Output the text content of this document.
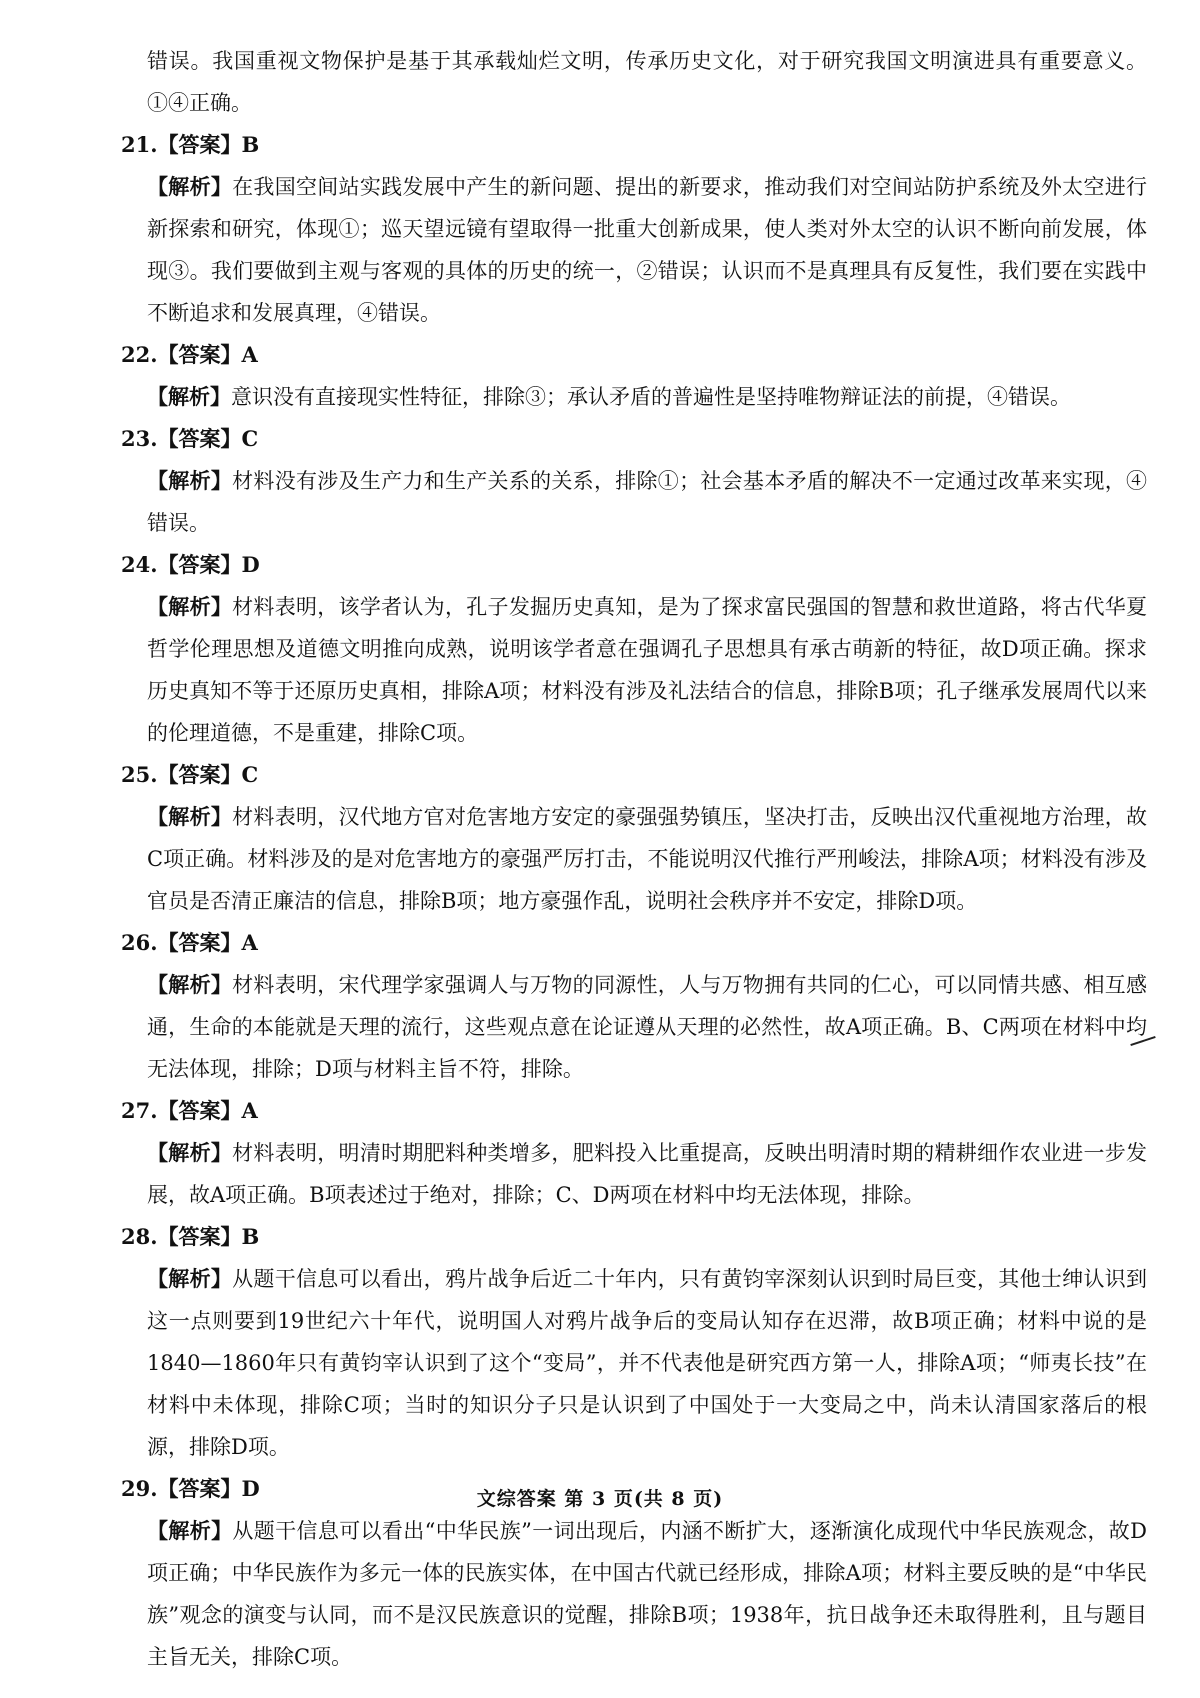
错误。我国重视文物保护是基于其承载灿烂文明，传承历史文化，对于研究我国文明演进具有重要意义。①④正确。

21.【答案】B

【解析】在我国空间站实践发展中产生的新问题、提出的新要求，推动我们对空间站防护系统及外太空进行新探索和研究，体现①；巡天望远镜有望取得一批重大创新成果，使人类对外太空的认识不断向前发展，体现③。我们要做到主观与客观的具体的历史的统一，②错误；认识而不是真理具有反复性，我们要在实践中不断追求和发展真理，④错误。

22.【答案】A

【解析】意识没有直接现实性特征，排除③；承认矛盾的普遍性是坚持唯物辩证法的前提，④错误。

23.【答案】C

【解析】材料没有涉及生产力和生产关系的关系，排除①；社会基本矛盾的解决不一定通过改革来实现，④错误。

24.【答案】D

【解析】材料表明，该学者认为，孔子发掘历史真知，是为了探求富民强国的智慧和救世道路，将古代华夏哲学伦理思想及道德文明推向成熟，说明该学者意在强调孔子思想具有承古萌新的特征，故D项正确。探求历史真知不等于还原历史真相，排除A项；材料没有涉及礼法结合的信息，排除B项；孔子继承发展周代以来的伦理道德，不是重建，排除C项。

25.【答案】C

【解析】材料表明，汉代地方官对危害地方安定的豪强强势镇压，坚决打击，反映出汉代重视地方治理，故C项正确。材料涉及的是对危害地方的豪强严厉打击，不能说明汉代推行严刑峻法，排除A项；材料没有涉及官员是否清正廉洁的信息，排除B项；地方豪强作乱，说明社会秩序并不安定，排除D项。

26.【答案】A

【解析】材料表明，宋代理学家强调人与万物的同源性，人与万物拥有共同的仁心，可以同情共感、相互感通，生命的本能就是天理的流行，这些观点意在论证遵从天理的必然性，故A项正确。B、C两项在材料中均无法体现，排除；D项与材料主旨不符，排除。

27.【答案】A

【解析】材料表明，明清时期肥料种类增多，肥料投入比重提高，反映出明清时期的精耕细作农业进一步发展，故A项正确。B项表述过于绝对，排除；C、D两项在材料中均无法体现，排除。

28.【答案】B

【解析】从题干信息可以看出，鸦片战争后近二十年内，只有黄钧宰深刻认识到时局巨变，其他士绅认识到这一点则要到19世纪六十年代，说明国人对鸦片战争后的变局认知存在迟滞，故B项正确；材料中说的是1840—1860年只有黄钧宰认识到了这个“变局”，并不代表他是研究西方第一人，排除A项；“师夷长技”在材料中未体现，排除C项；当时的知识分子只是认识到了中国处于一大变局之中，尚未认清国家落后的根源，排除D项。

29.【答案】D

【解析】从题干信息可以看出“中华民族”一词出现后，内涵不断扩大，逐渐演化成现代中华民族观念，故D项正确；中华民族作为多元一体的民族实体，在中国古代就已经形成，排除A项；材料主要反映的是“中华民族”观念的演变与认同，而不是汉民族意识的觉醒，排除B项；1938年，抗日战争还未取得胜利，且与题目主旨无关，排除C项。

文综答案 第 3 页(共 8 页)
